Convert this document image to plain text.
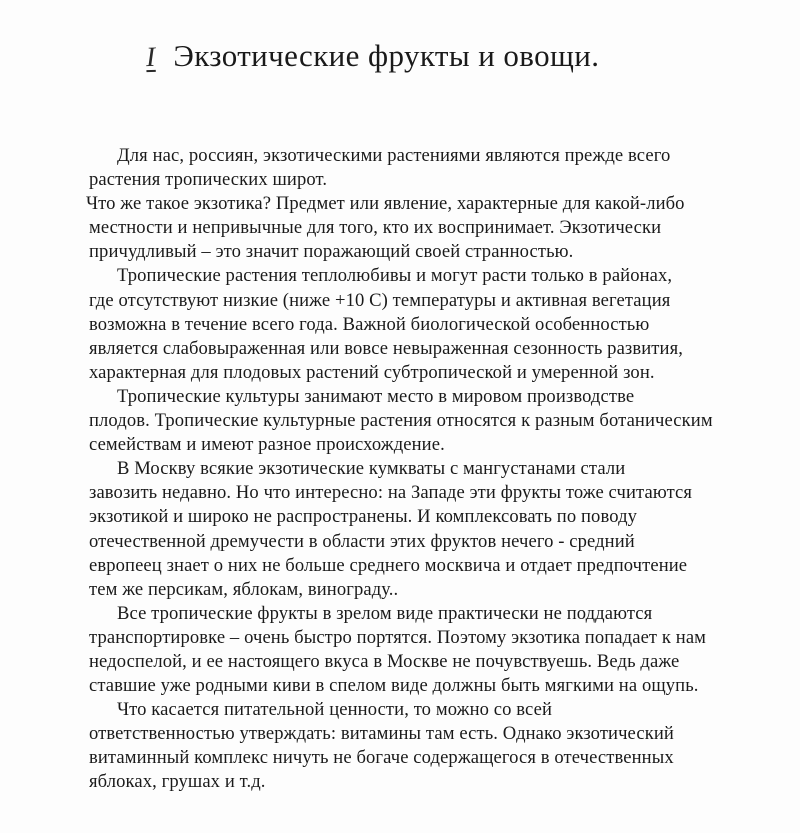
I Экзотические фрукты и овощи.
Для нас, россиян, экзотическими растениями являются прежде всего
растения тропических широт.
Что же такое экзотика? Предмет или явление, характерные для какой-либо
местности и непривычные для того, кто их воспринимает. Экзотически
причудливый – это значит поражающий своей странностью.
Тропические растения теплолюбивы и могут расти только в районах,
где отсутствуют низкие (ниже +10 С) температуры и активная вегетация
возможна в течение всего года. Важной биологической особенностью
является слабовыраженная или вовсе невыраженная сезонность развития,
характерная для плодовых растений субтропической и умеренной зон.
Тропические культуры занимают место в мировом производстве
плодов. Тропические культурные растения относятся к разным ботаническим
семействам и имеют разное происхождение.
В Москву всякие экзотические кумкваты с мангустанами стали
завозить недавно. Но что интересно: на Западе эти фрукты тоже считаются
экзотикой и широко не распространены. И комплексовать по поводу
отечественной дремучести в области этих фруктов нечего - средний
европеец знает о них не больше среднего москвича и отдает предпочтение
тем же персикам, яблокам, винограду..
Все тропические фрукты в зрелом виде практически не поддаются
транспортировке – очень быстро портятся. Поэтому экзотика попадает к нам
недоспелой, и ее настоящего вкуса в Москве не почувствуешь. Ведь даже
ставшие уже родными киви в спелом виде должны быть мягкими на ощупь.
Что касается питательной ценности, то можно со всей
ответственностью утверждать: витамины там есть. Однако экзотический
витаминный комплекс ничуть не богаче содержащегося в отечественных
яблоках, грушах и т.д.
